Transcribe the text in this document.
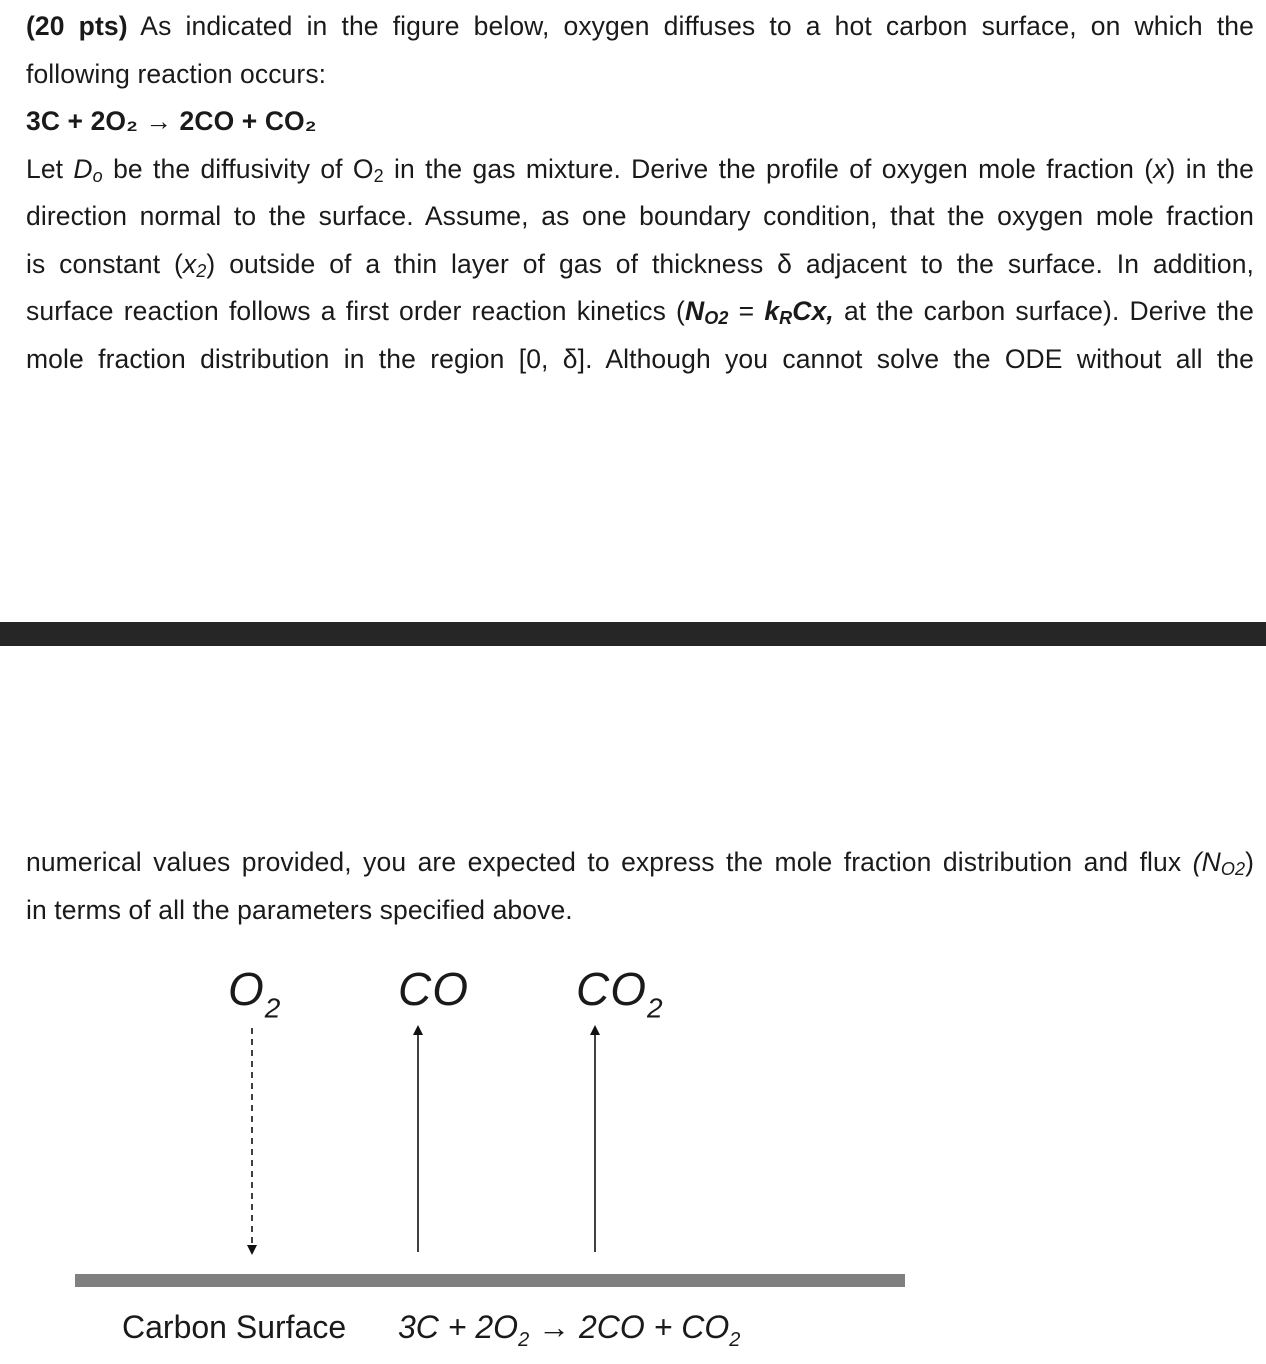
(20 pts) As indicated in the figure below, oxygen diffuses to a hot carbon surface, on which the
following reaction occurs:
3C + 2O₂ → 2CO + CO₂
Let $D_o$ be the diffusivity of $O_2$ in the gas mixture. Derive the profile of oxygen mole fraction (x) in the
direction normal to the surface. Assume, as one boundary condition, that the oxygen mole fraction
is constant $(x_2)$ outside of a thin layer of gas of thickness δ adjacent to the surface. In addition,
surface reaction follows a first order reaction kinetics ($N_{O2} = k_RCx$, at the carbon surface). Derive the
mole fraction distribution in the region [0, δ]. Although you cannot solve the ODE without all the
numerical values provided, you are expected to express the mole fraction distribution and flux $(N_{O2})$
in terms of all the parameters specified above.
$O_2$	CO $CO_2$
Carbon Surface $3C + 2O_2 \to 2CO + CO_2$
